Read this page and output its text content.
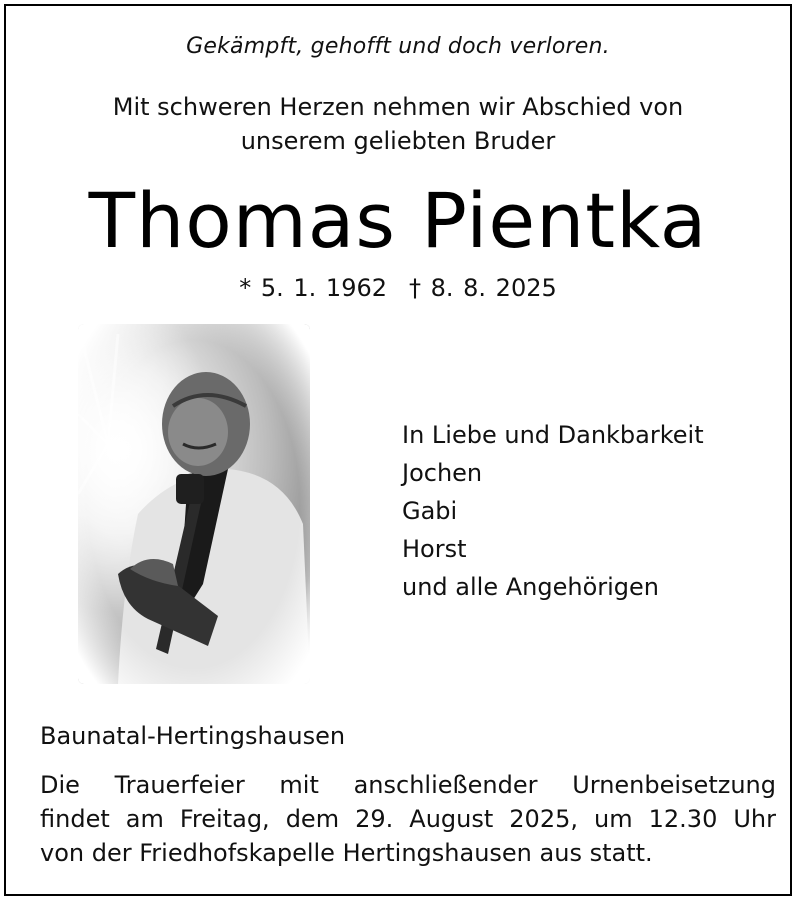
Gekämpft, gehofft und doch verloren.
Mit schweren Herzen nehmen wir Abschied von
unserem geliebten Bruder
Thomas Pientka
* 5. 1. 1962 † 8. 8. 2025
In Liebe und Dankbarkeit
Jochen
Gabi
Horst
und alle Angehörigen
Baunatal-Hertingshausen
Die Trauerfeier mit anschließender Urnenbeisetzung
findet am Freitag, dem 29. August 2025, um 12.30 Uhr
von der Friedhofskapelle Hertingshausen aus statt.
